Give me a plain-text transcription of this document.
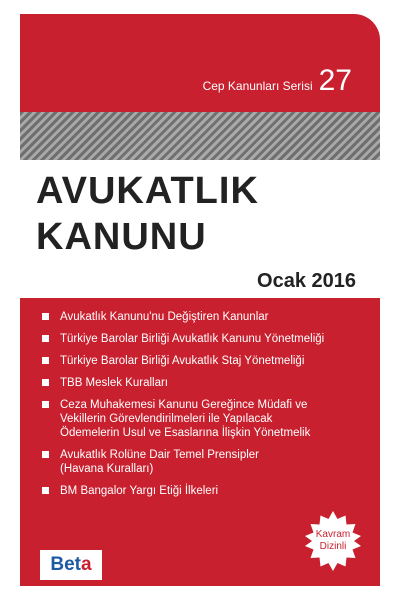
Cep Kanunları Serisi 27
AVUKATLIK
KANUNU
Ocak 2016
Avukatlık Kanunu'nu Değiştiren Kanunlar
Türkiye Barolar Birliği Avukatlık Kanunu Yönetmeliği
Türkiye Barolar Birliği Avukatlık Staj Yönetmeliği
TBB Meslek Kuralları
Ceza Muhakemesi Kanunu Gereğince Müdafi ve
Vekillerin Görevlendirilmeleri ile Yapılacak
Ödemelerin Usul ve Esaslarına İlişkin Yönetmelik
Avukatlık Rolüne Dair Temel Prensipler
(Havana Kuralları)
BM Bangalor Yargı Etiği İlkeleri
Kavram
Dizinli
Bet a
